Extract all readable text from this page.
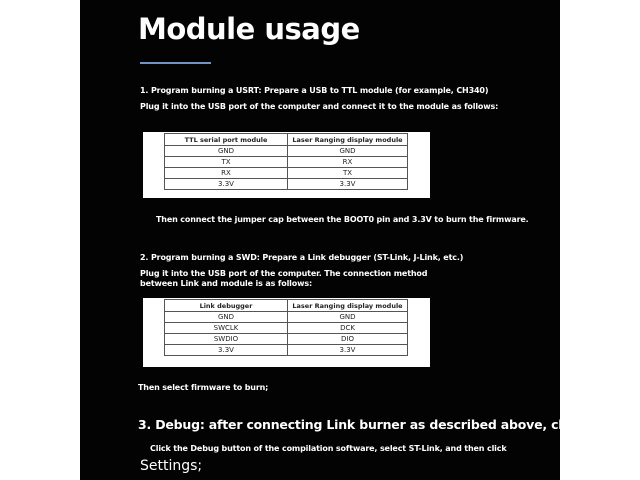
Module usage
1. Program burning a USRT: Prepare a USB to TTL module (for example, CH340)
Plug it into the USB port of the computer and connect it to the module as follows:
TTL serial port module	Laser Ranging display module
GND	GND
TX	RX
RX	TX
3.3V	3.3V
Then connect the jumper cap between the BOOT0 pin and 3.3V to burn the firmware.
2. Program burning a SWD: Prepare a Link debugger (ST-Link, J-Link, etc.)
Plug it into the USB port of the computer. The connection method
between Link and module is as follows:
Link debugger	Laser Ranging display module
GND	GND
SWCLK	DCK
SWDIO	DIO
3.3V	3.3V
Then select firmware to burn;
3. Debug: after connecting Link burner as described above, click
Click the Debug button of the compilation software, select ST-Link, and then click
Settings;
